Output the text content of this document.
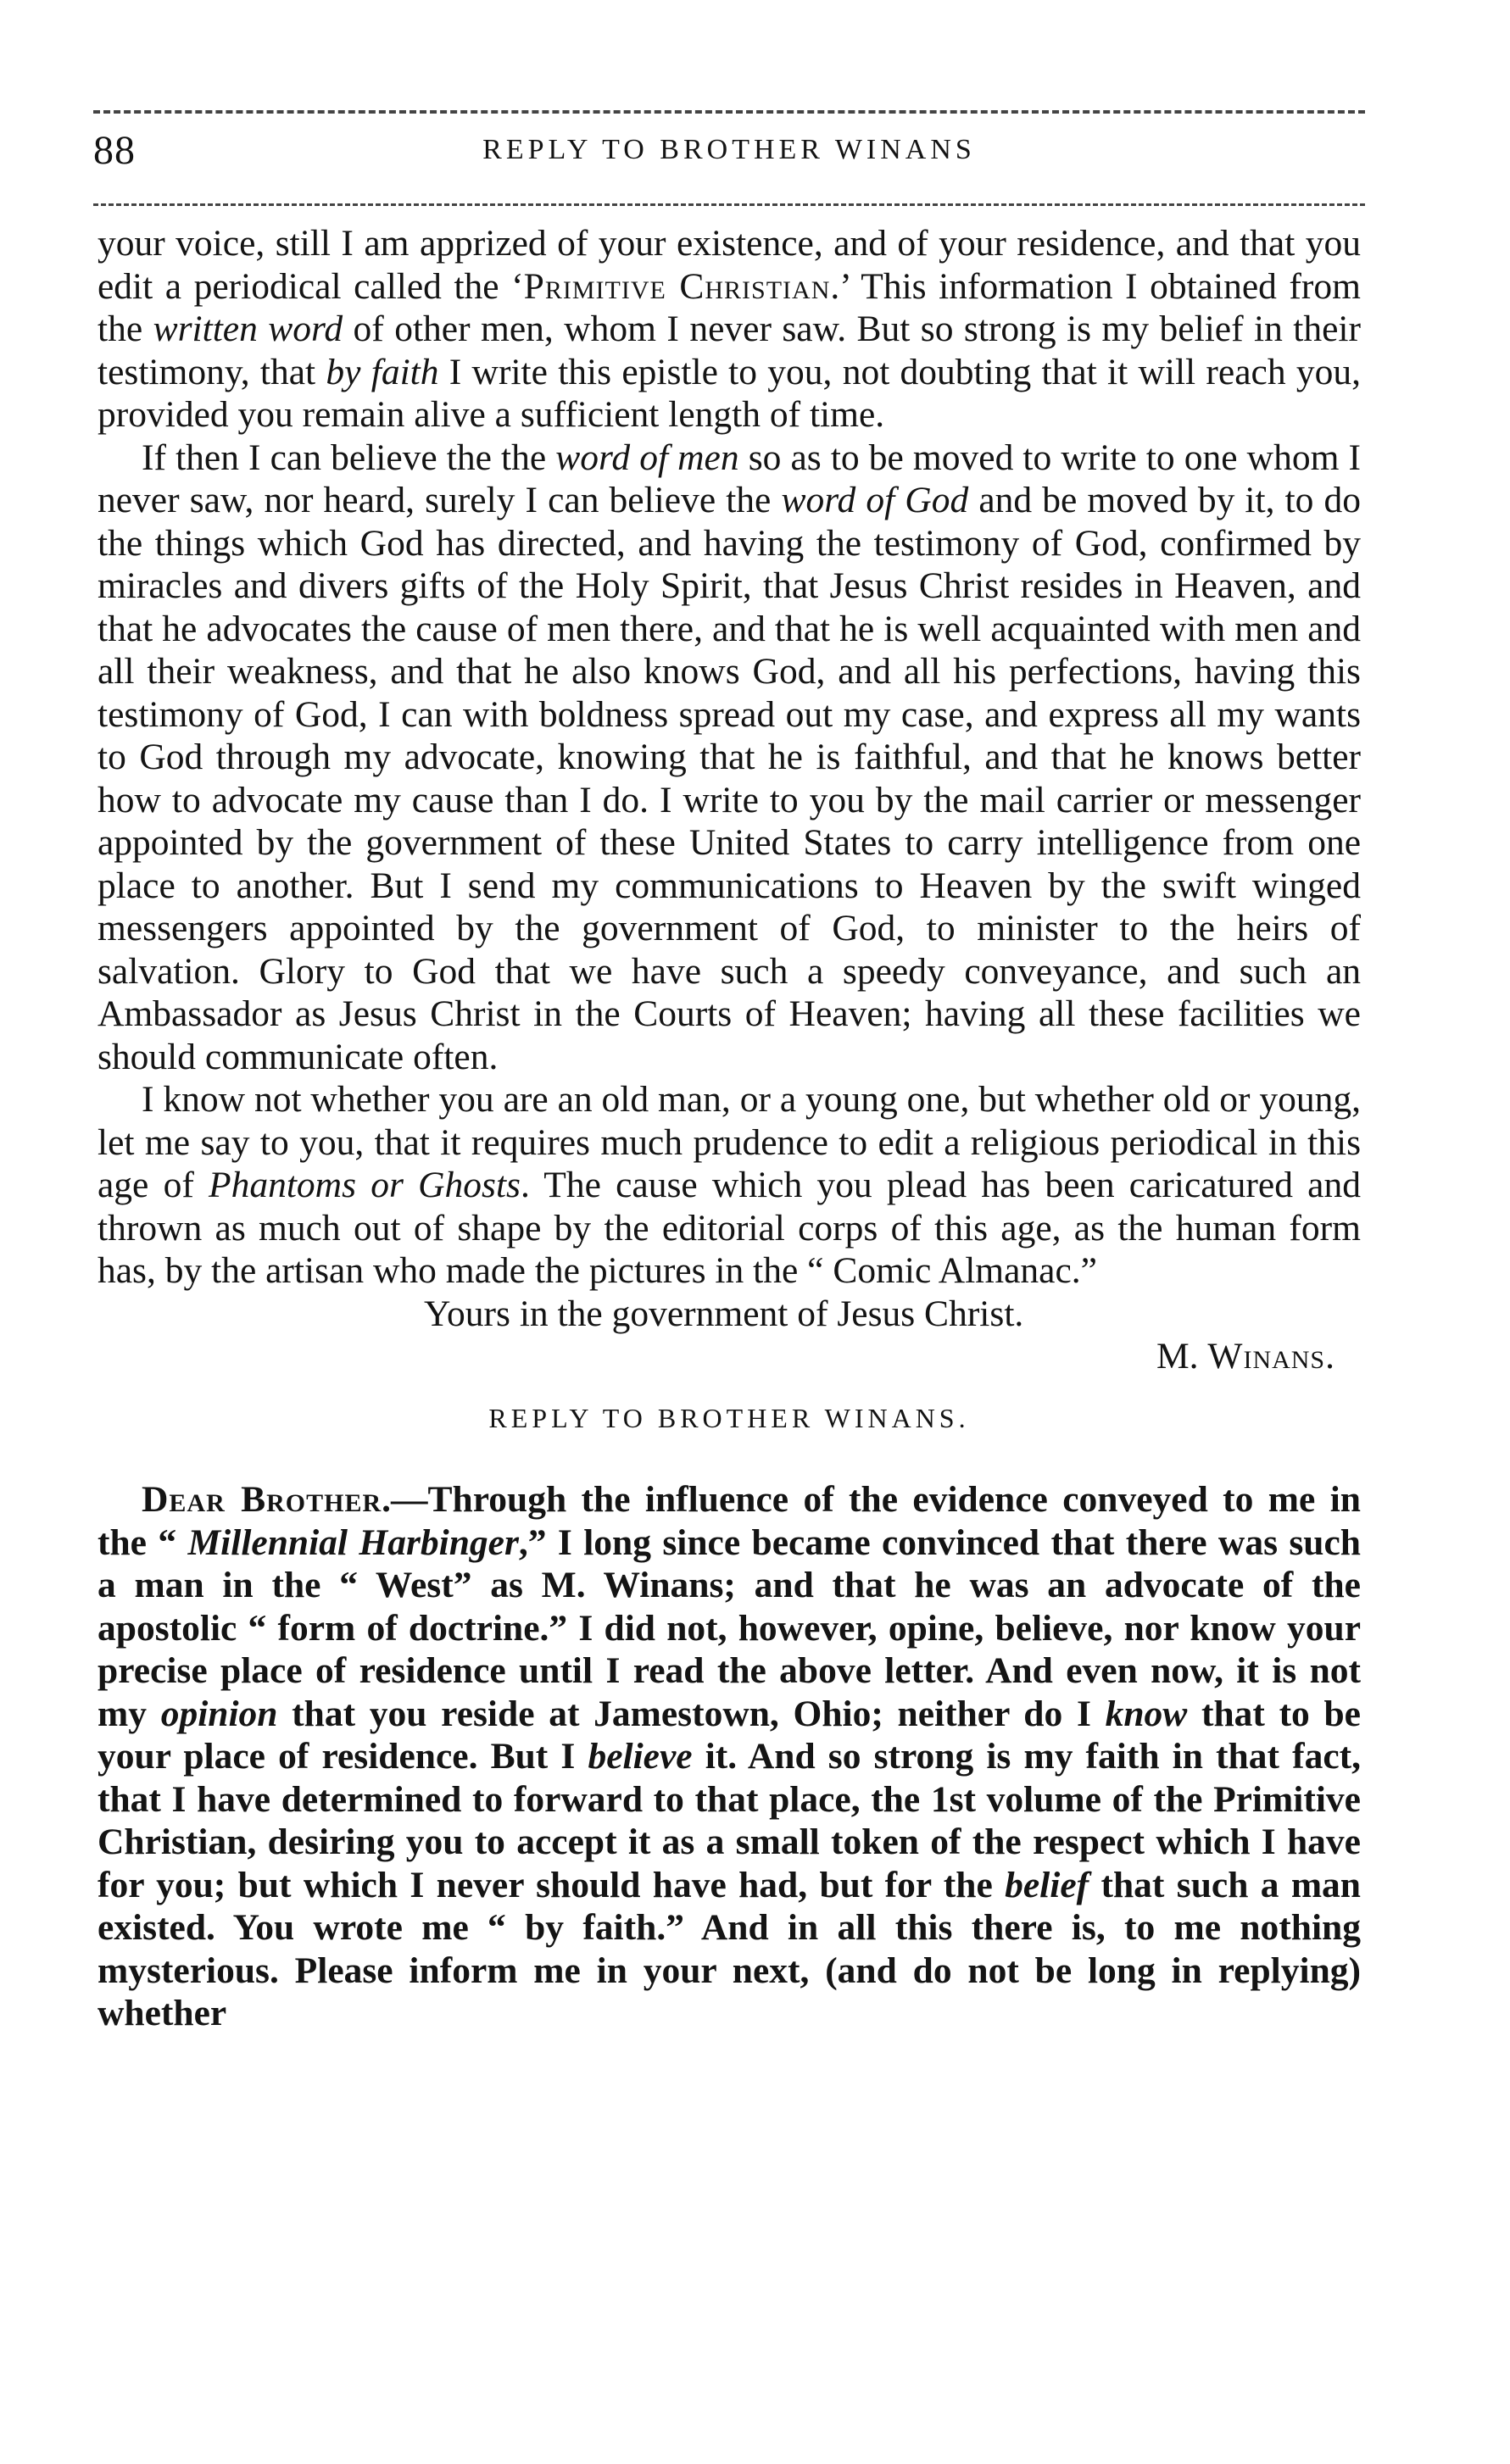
88	REPLY TO BROTHER WINANS

your voice, still I am apprized of your existence, and of your residence, and that you edit a periodical called the ‘Primitive Christian.’ This information I obtained from the written word of other men, whom I never saw. But so strong is my belief in their testimony, that by faith I write this epistle to you, not doubting that it will reach you, provided you remain alive a sufficient length of time.

If then I can believe the the word of men so as to be moved to write to one whom I never saw, nor heard, surely I can believe the word of God and be moved by it, to do the things which God has directed, and having the testimony of God, confirmed by miracles and divers gifts of the Holy Spirit, that Jesus Christ resides in Heaven, and that he advocates the cause of men there, and that he is well acquainted with men and all their weakness, and that he also knows God, and all his perfections, having this testimony of God, I can with boldness spread out my case, and express all my wants to God through my advocate, knowing that he is faithful, and that he knows better how to advocate my cause than I do. I write to you by the mail carrier or messenger appointed by the government of these United States to carry intelligence from one place to another. But I send my communications to Heaven by the swift winged messengers appointed by the government of God, to minister to the heirs of salvation. Glory to God that we have such a speedy conveyance, and such an Ambassador as Jesus Christ in the Courts of Heaven; having all these facilities we should communicate often.

I know not whether you are an old man, or a young one, but whether old or young, let me say to you, that it requires much prudence to edit a religious periodical in this age of Phantoms or Ghosts. The cause which you plead has been caricatured and thrown as much out of shape by the editorial corps of this age, as the human form has, by the artisan who made the pictures in the “ Comic Almanac.”

Yours in the government of Jesus Christ.

M. Winans.

REPLY TO BROTHER WINANS.

Dear Brother.—Through the influence of the evidence conveyed to me in the “ Millennial Harbinger,” I long since became convinced that there was such a man in the “ West” as M. Winans; and that he was an advocate of the apostolic “ form of doctrine.” I did not, however, opine, believe, nor know your precise place of residence until I read the above letter. And even now, it is not my opinion that you reside at Jamestown, Ohio; neither do I know that to be your place of residence. But I believe it. And so strong is my faith in that fact, that I have determined to forward to that place, the 1st volume of the Primitive Christian, desiring you to accept it as a small token of the respect which I have for you; but which I never should have had, but for the belief that such a man existed. You wrote me “ by faith.” And in all this there is, to me nothing mysterious. Please inform me in your next, (and do not be long in replying) whether
